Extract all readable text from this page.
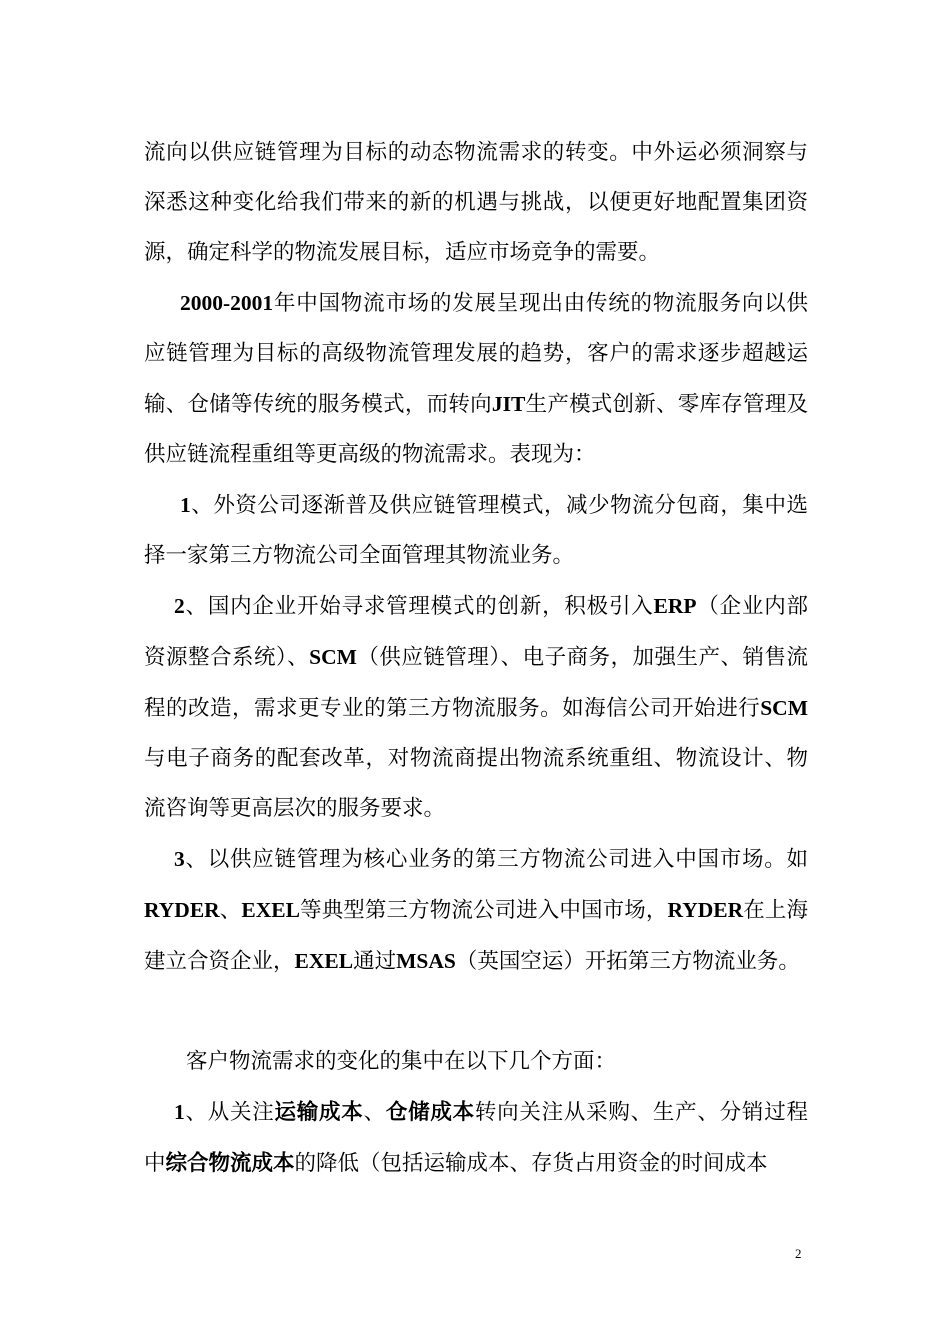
流向以供应链管理为目标的动态物流需求的转变。中外运必须洞察与深悉这种变化给我们带来的新的机遇与挑战，以便更好地配置集团资源，确定科学的物流发展目标，适应市场竞争的需要。

2000-2001年中国物流市场的发展呈现出由传统的物流服务向以供应链管理为目标的高级物流管理发展的趋势，客户的需求逐步超越运输、仓储等传统的服务模式，而转向JIT生产模式创新、零库存管理及供应链流程重组等更高级的物流需求。表现为：

1、外资公司逐渐普及供应链管理模式，减少物流分包商，集中选择一家第三方物流公司全面管理其物流业务。

2、国内企业开始寻求管理模式的创新，积极引入ERP（企业内部资源整合系统）、SCM（供应链管理）、电子商务，加强生产、销售流程的改造，需求更专业的第三方物流服务。如海信公司开始进行SCM与电子商务的配套改革，对物流商提出物流系统重组、物流设计、物流咨询等更高层次的服务要求。

3、以供应链管理为核心业务的第三方物流公司进入中国市场。如RYDER、EXEL等典型第三方物流公司进入中国市场，RYDER在上海建立合资企业，EXEL通过MSAS（英国空运）开拓第三方物流业务。

客户物流需求的变化的集中在以下几个方面：

1、从关注运输成本、仓储成本转向关注从采购、生产、分销过程中综合物流成本的降低（包括运输成本、存货占用资金的时间成本

2
